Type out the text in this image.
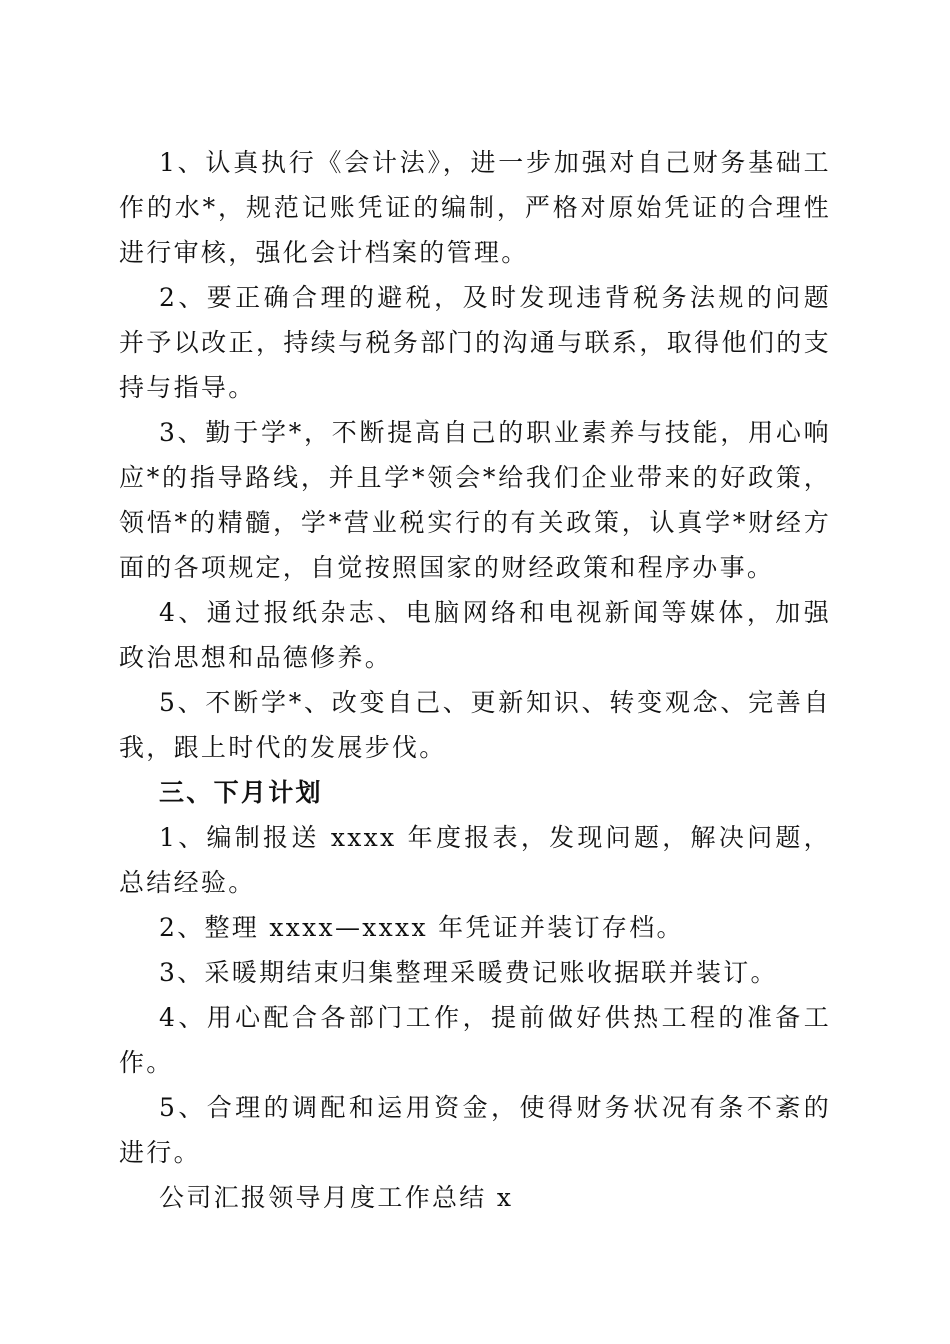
1、认真执行《会计法》，进一步加强对自己财务基础工作的水*，规范记账凭证的编制，严格对原始凭证的合理性进行审核，强化会计档案的管理。

2、要正确合理的避税，及时发现违背税务法规的问题并予以改正，持续与税务部门的沟通与联系，取得他们的支持与指导。

3、勤于学*，不断提高自己的职业素养与技能，用心响应*的指导路线，并且学*领会*给我们企业带来的好政策，领悟*的精髓，学*营业税实行的有关政策，认真学*财经方面的各项规定，自觉按照国家的财经政策和程序办事。

4、通过报纸杂志、电脑网络和电视新闻等媒体，加强政治思想和品德修养。

5、不断学*、改变自己、更新知识、转变观念、完善自我，跟上时代的发展步伐。

三、下月计划

1、编制报送 xxxx 年度报表，发现问题，解决问题，总结经验。

2、整理 xxxx—xxxx 年凭证并装订存档。

3、采暖期结束归集整理采暖费记账收据联并装订。

4、用心配合各部门工作，提前做好供热工程的准备工作。

5、合理的调配和运用资金，使得财务状况有条不紊的进行。

公司汇报领导月度工作总结 x
